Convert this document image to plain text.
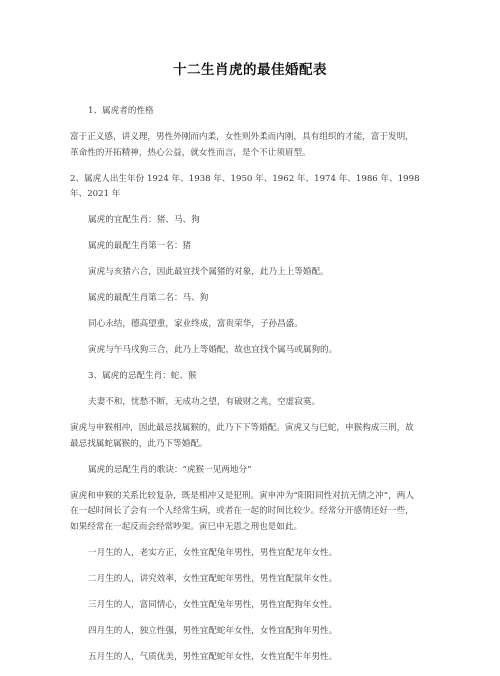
十二生肖虎的最佳婚配表

1、属虎者的性格

富于正义感，讲义理，男性外刚而内柔，女性则外柔而内刚，具有组织的才能，富于发明，革命性的开拓精神，热心公益，就女性而言，是个不让须眉型。

2、属虎人出生年份 1924 年、1938 年、1950 年、1962 年、1974 年、1986 年、1998 年、2021 年

属虎的宜配生肖：猪、马、狗

属虎的最配生肖第一名：猪

寅虎与亥猪六合，因此最宜找个属猪的对象，此乃上上等婚配。

属虎的最配生肖第二名：马、狗

同心永结，德高望重，家业终成，富贵荣华，子孙昌盛。

寅虎与午马戌狗三合，此乃上等婚配，故也宜找个属马或属狗的。

3、属虎的忌配生肖：蛇、猴

夫妻不和，忧愁不断，无成功之望，有破财之兆，空虚寂寞。

寅虎与申猴相冲，因此最忌找属猴的，此乃下下等婚配。寅虎又与巳蛇，申猴构成三刑，故最忌找属蛇属猴的，此乃下等婚配。

属虎的忌配生肖的歌诀：“虎猴一见两地分”

寅虎和申猴的关系比较复杂，既是相冲又是犯刑。寅申冲为“阳阳同性对抗无情之冲”，两人在一起时间长了会有一个人经常生病，或者在一起的时间比较少。经常分开感情还好一些，如果经常在一起反而会经常吵架。寅巳申无恩之刑也是如此。

一月生的人，老实方正，女性宜配兔年男性，男性宜配龙年女性。

二月生的人，讲究效率，女性宜配蛇年男性，男性宜配鼠年女性。

三月生的人，富同情心，女性宜配兔年男性，男性宜配狗年女性。

四月生的人，独立性强，男性宜配蛇年女性，女性宜配狗年男性。

五月生的人，气质优美，男性宜配蛇年女性，女性宜配牛年男性。
